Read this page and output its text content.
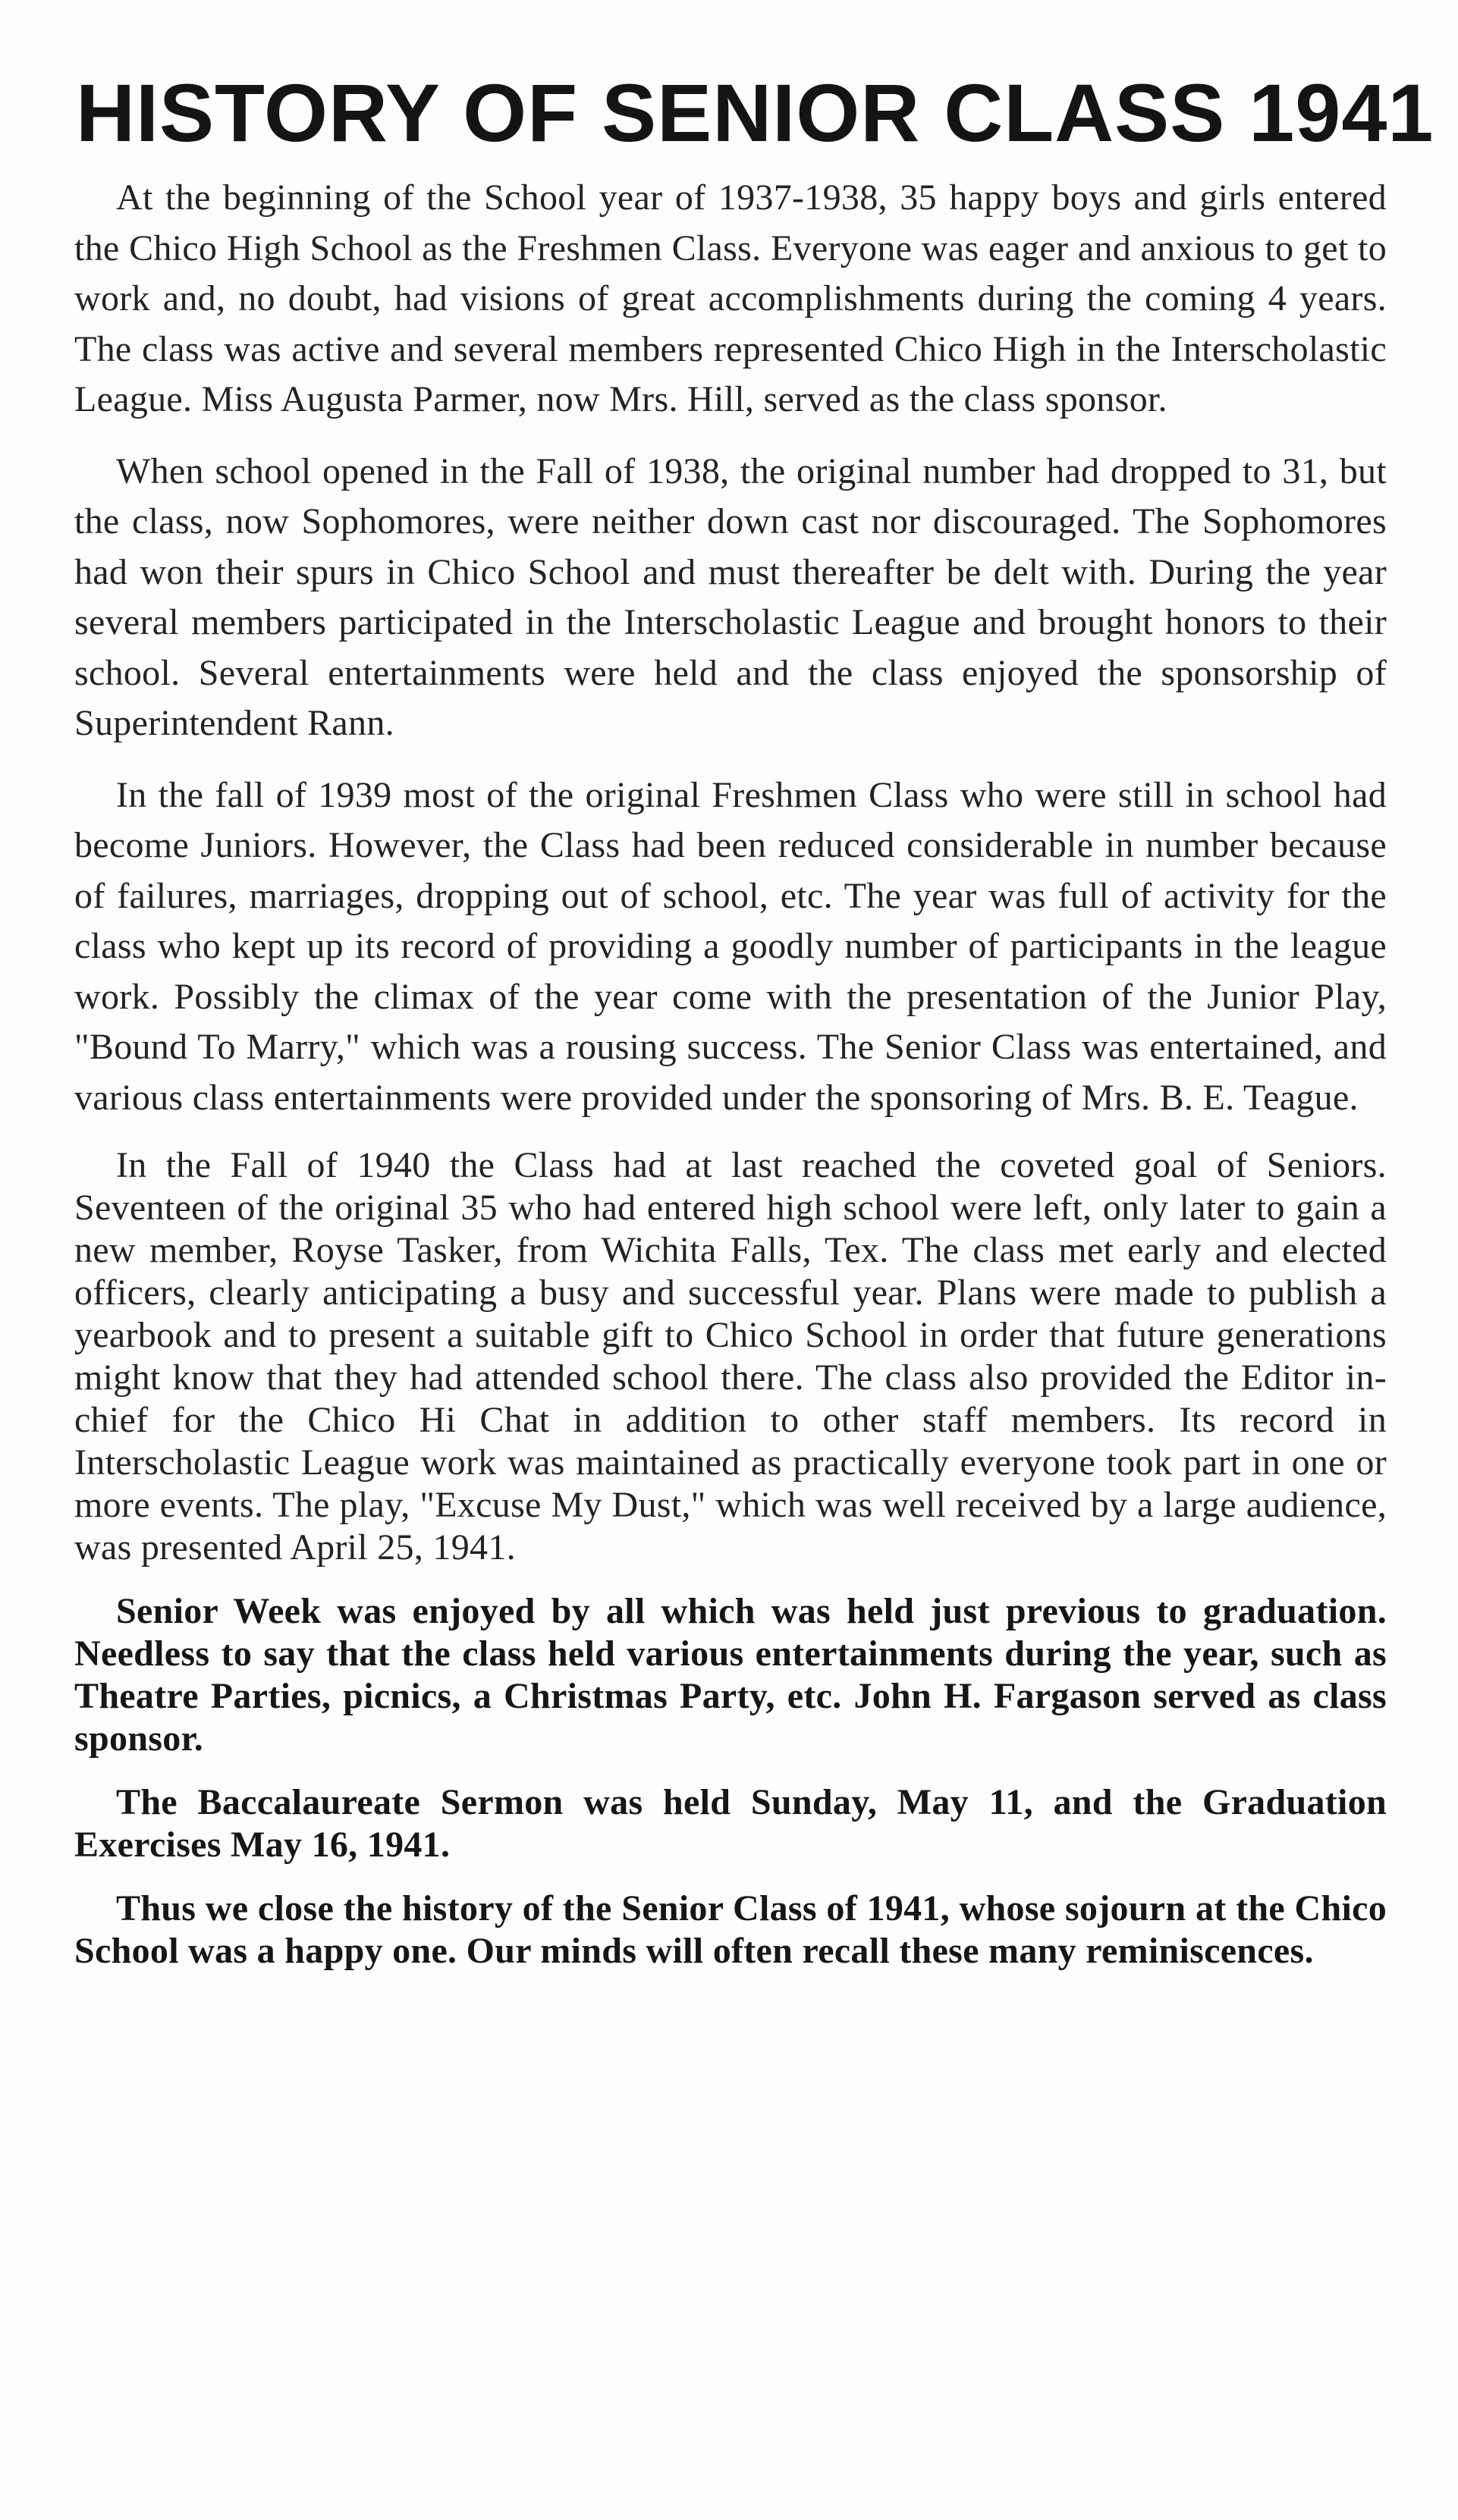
HISTORY OF SENIOR CLASS 1941

At the beginning of the School year of 1937-1938, 35 happy boys and girls entered the Chico High School as the Freshmen Class. Everyone was eager and anxious to get to work and, no doubt, had visions of great accomplishments during the coming 4 years. The class was active and several members represented Chico High in the Interscholastic League. Miss Augusta Parmer, now Mrs. Hill, served as the class sponsor.

When school opened in the Fall of 1938, the original number had dropped to 31, but the class, now Sophomores, were neither down cast nor discouraged. The Sophomores had won their spurs in Chico School and must thereafter be delt with. During the year several members participated in the Interscholastic League and brought honors to their school. Several entertainments were held and the class enjoyed the sponsorship of Superintendent Rann.

In the fall of 1939 most of the original Freshmen Class who were still in school had become Juniors. However, the Class had been reduced considerable in number because of failures, marriages, dropping out of school, etc. The year was full of activity for the class who kept up its record of providing a goodly number of participants in the league work. Possibly the climax of the year come with the presentation of the Junior Play, "Bound To Marry," which was a rousing success. The Senior Class was entertained, and various class entertainments were provided under the sponsoring of Mrs. B. E. Teague.

In the Fall of 1940 the Class had at last reached the coveted goal of Seniors. Seventeen of the original 35 who had entered high school were left, only later to gain a new member, Royse Tasker, from Wichita Falls, Tex. The class met early and elected officers, clearly anticipating a busy and successful year. Plans were made to publish a yearbook and to present a suitable gift to Chico School in order that future generations might know that they had attended school there. The class also provided the Editor in-chief for the Chico Hi Chat in addition to other staff members. Its record in Interscholastic League work was maintained as practically everyone took part in one or more events. The play, "Excuse My Dust," which was well received by a large audience, was presented April 25, 1941.

Senior Week was enjoyed by all which was held just previous to graduation. Needless to say that the class held various entertainments during the year, such as Theatre Parties, picnics, a Christmas Party, etc. John H. Fargason served as class sponsor.

The Baccalaureate Sermon was held Sunday, May 11, and the Graduation Exercises May 16, 1941.

Thus we close the history of the Senior Class of 1941, whose sojourn at the Chico School was a happy one. Our minds will often recall these many reminiscences.
